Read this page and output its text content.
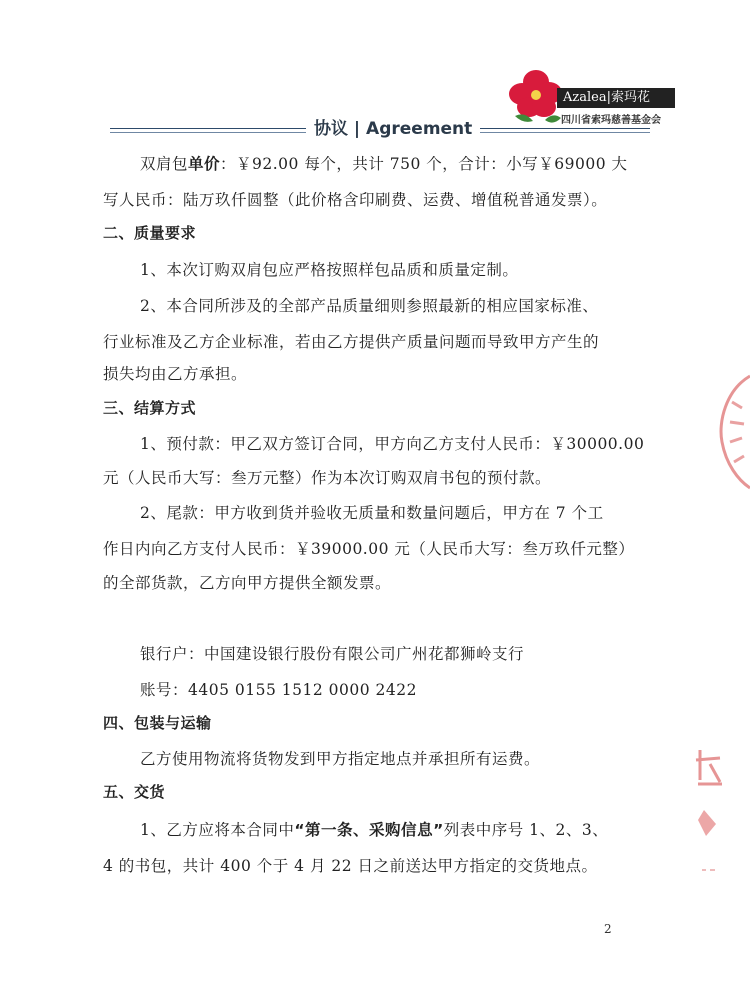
协议 | Agreement
Azalea|索玛花
四川省索玛慈善基金会
双肩包单价：￥92.00 每个，共计 750 个，合计：小写￥69000 大
写人民币：陆万玖仟圆整（此价格含印刷费、运费、增值税普通发票）。
二、质量要求
1、本次订购双肩包应严格按照样包品质和质量定制。
2、本合同所涉及的全部产品质量细则参照最新的相应国家标准、
行业标准及乙方企业标准，若由乙方提供产质量问题而导致甲方产生的
损失均由乙方承担。
三、结算方式
1、预付款：甲乙双方签订合同，甲方向乙方支付人民币：￥30000.00
元（人民币大写：叁万元整）作为本次订购双肩书包的预付款。
2、尾款：甲方收到货并验收无质量和数量问题后，甲方在 7 个工
作日内向乙方支付人民币：￥39000.00 元（人民币大写：叁万玖仟元整）
的全部货款，乙方向甲方提供全额发票。
银行户：中国建设银行股份有限公司广州花都狮岭支行
账号：4405 0155 1512 0000 2422
四、包装与运输
乙方使用物流将货物发到甲方指定地点并承担所有运费。
五、交货
1、乙方应将本合同中“第一条、采购信息”列表中序号 1、2、3、
4 的书包，共计 400 个于 4 月 22 日之前送达甲方指定的交货地点。
2
